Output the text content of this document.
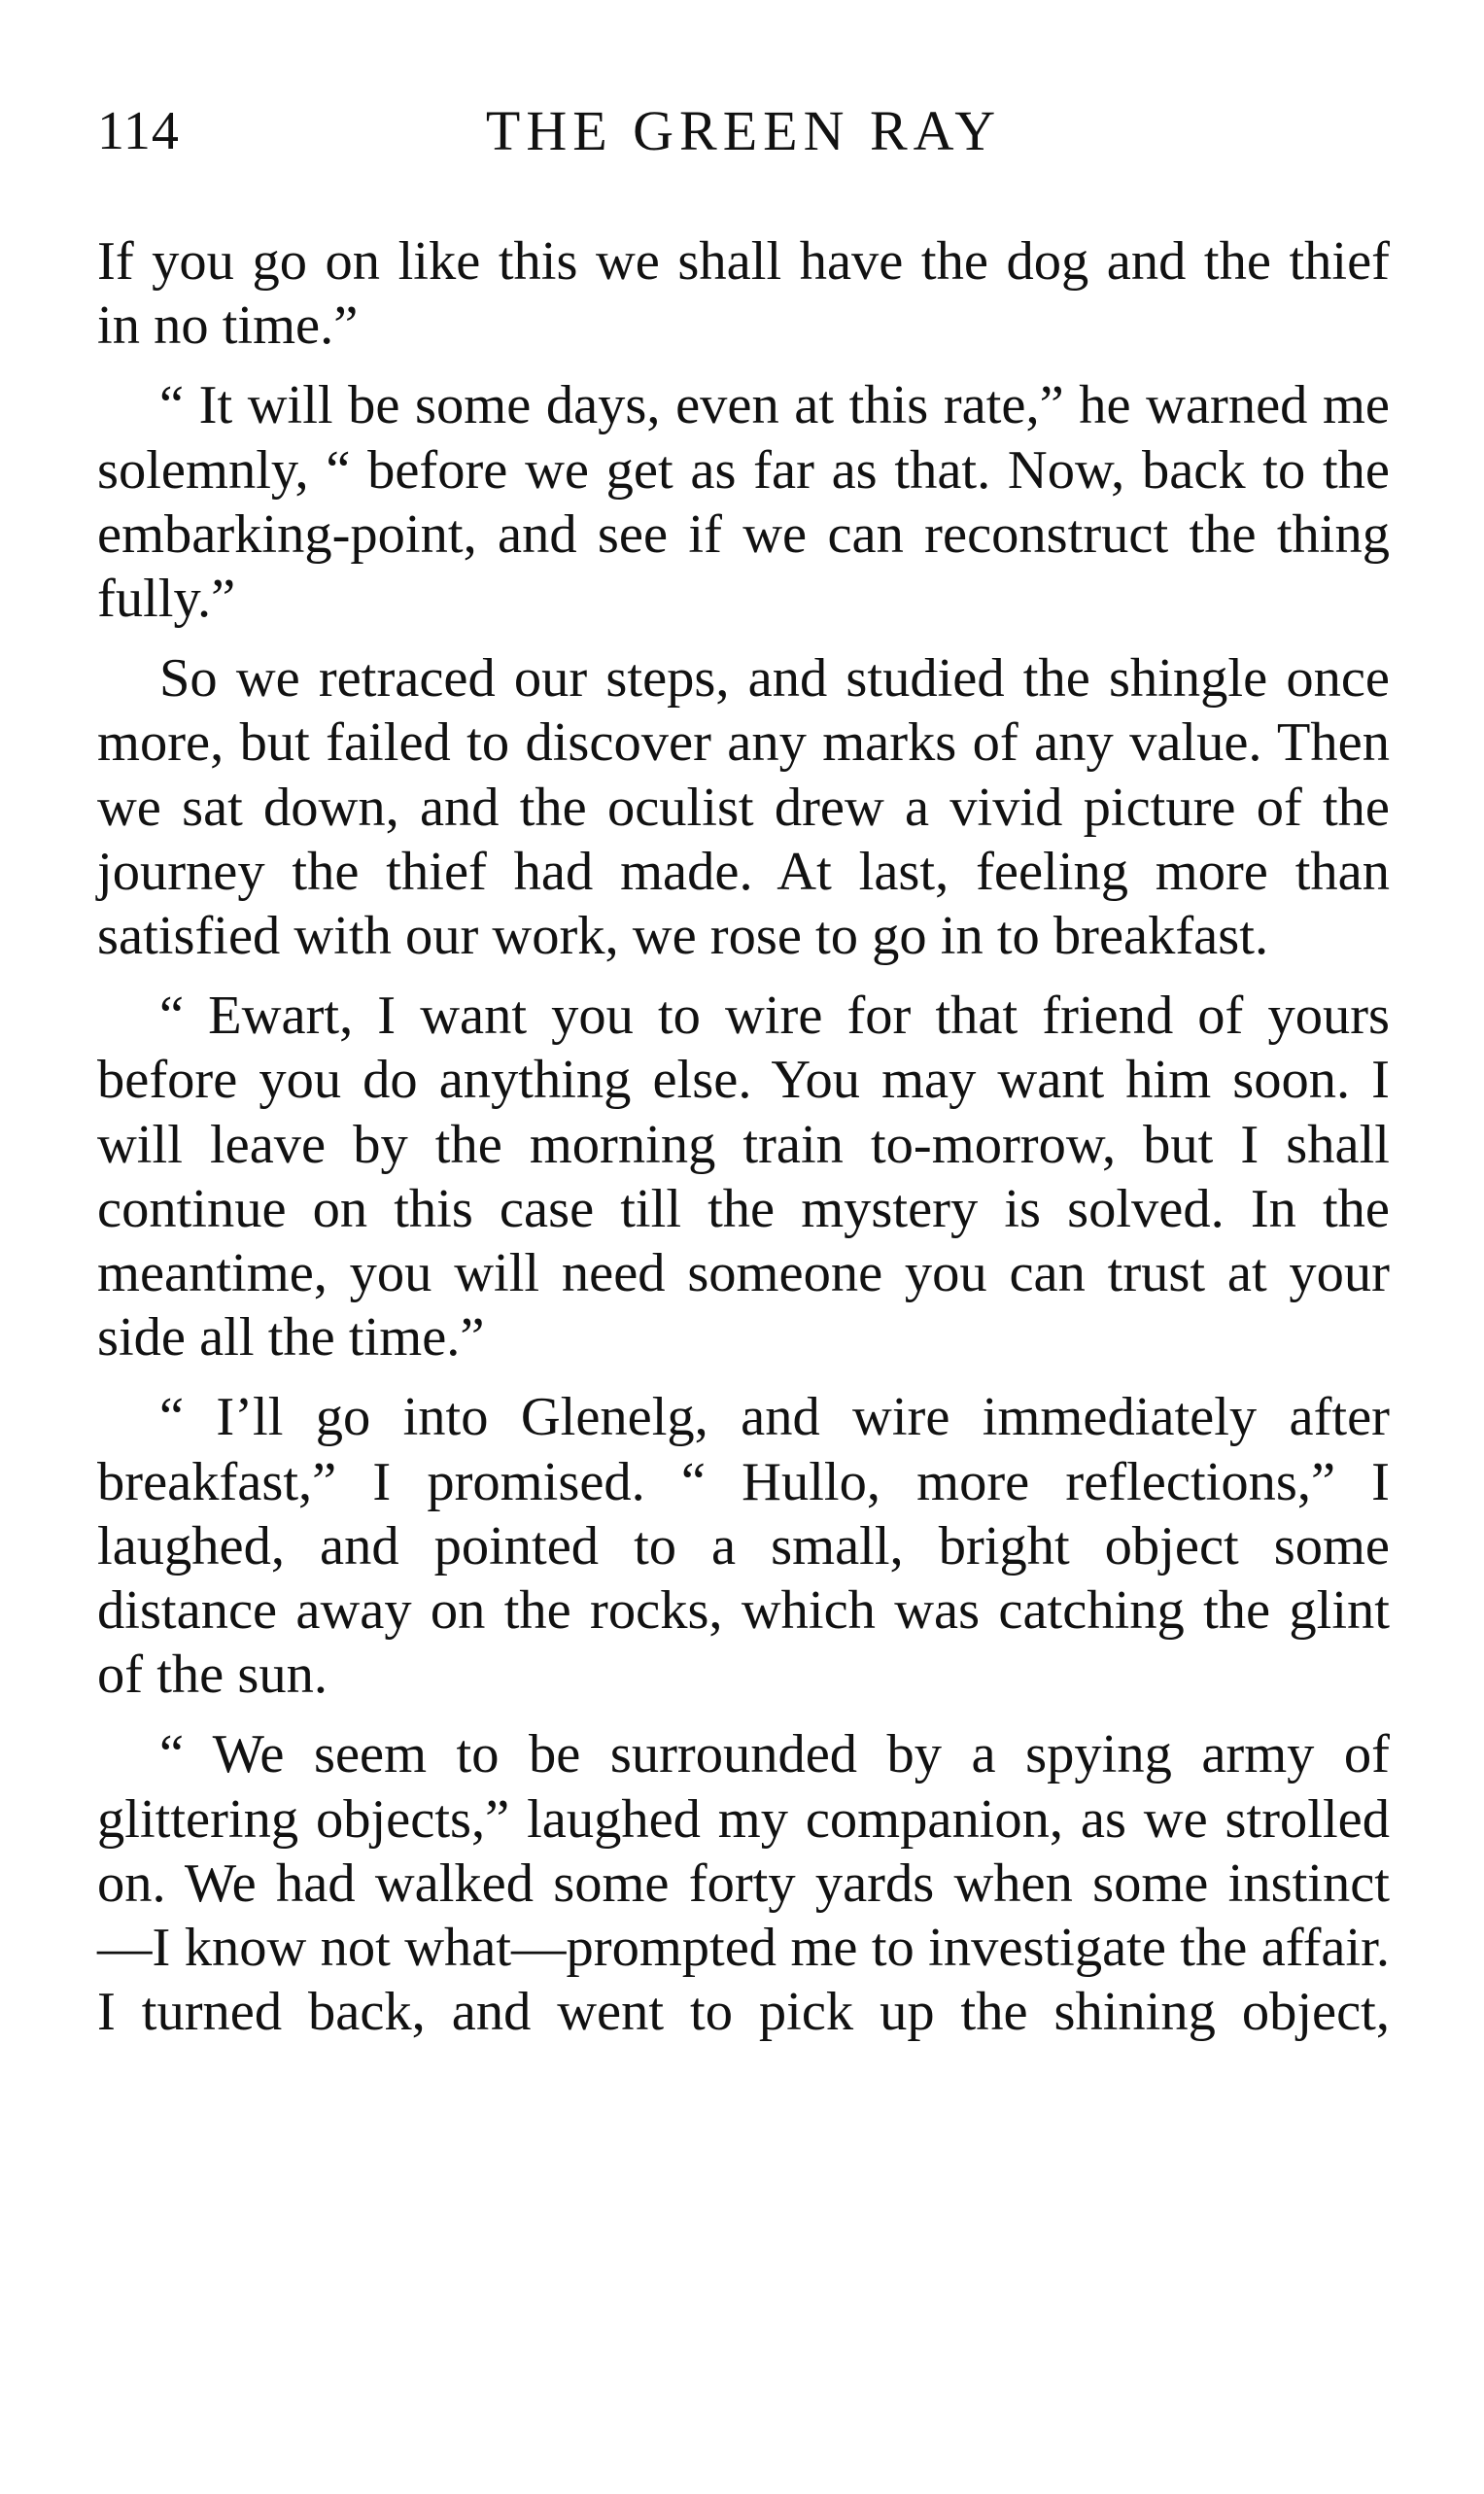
114	THE GREEN RAY

If you go on like this we shall have the dog and the thief in no time.”

“ It will be some days, even at this rate,” he warned me solemnly, “ before we get as far as that. Now, back to the embarking-point, and see if we can reconstruct the thing fully.”

So we retraced our steps, and studied the shingle once more, but failed to discover any marks of any value. Then we sat down, and the oculist drew a vivid picture of the journey the thief had made. At last, feeling more than satisfied with our work, we rose to go in to breakfast.

“ Ewart, I want you to wire for that friend of yours before you do anything else. You may want him soon. I will leave by the morning train to-morrow, but I shall continue on this case till the mystery is solved. In the meantime, you will need someone you can trust at your side all the time.”

“ I’ll go into Glenelg, and wire immediately after breakfast,” I promised. “ Hullo, more reflections,” I laughed, and pointed to a small, bright object some distance away on the rocks, which was catching the glint of the sun.

“ We seem to be surrounded by a spying army of glittering objects,” laughed my companion, as we strolled on. We had walked some forty yards when some instinct—I know not what—prompted me to investigate the affair. I turned back, and went to pick up the shining object,
